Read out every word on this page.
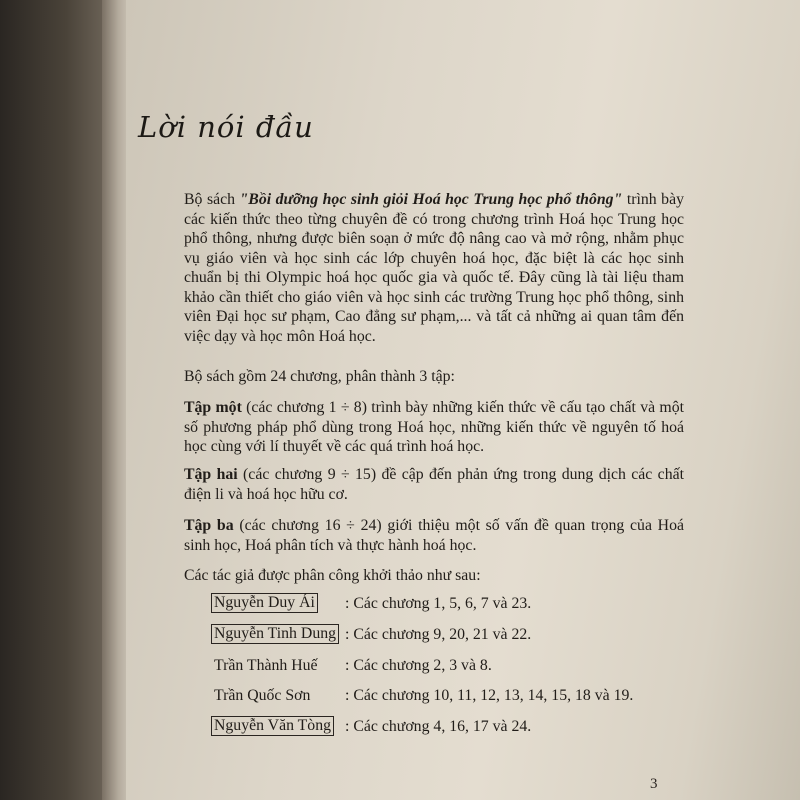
Lời nói đầu
Bộ sách "Bồi dưỡng học sinh giỏi Hoá học Trung học phổ thông" trình bày các kiến thức theo từng chuyên đề có trong chương trình Hoá học Trung học phổ thông, nhưng được biên soạn ở mức độ nâng cao và mở rộng, nhằm phục vụ giáo viên và học sinh các lớp chuyên hoá học, đặc biệt là các học sinh chuẩn bị thi Olympic hoá học quốc gia và quốc tế. Đây cũng là tài liệu tham khảo cần thiết cho giáo viên và học sinh các trường Trung học phổ thông, sinh viên Đại học sư phạm, Cao đẳng sư phạm,... và tất cả những ai quan tâm đến việc dạy và học môn Hoá học.
Bộ sách gồm 24 chương, phân thành 3 tập:
Tập một (các chương 1 ÷ 8) trình bày những kiến thức về cấu tạo chất và một số phương pháp phổ dùng trong Hoá học, những kiến thức về nguyên tố hoá học cùng với lí thuyết về các quá trình hoá học.
Tập hai (các chương 9 ÷ 15) đề cập đến phản ứng trong dung dịch các chất điện li và hoá học hữu cơ.
Tập ba (các chương 16 ÷ 24) giới thiệu một số vấn đề quan trọng của Hoá sinh học, Hoá phân tích và thực hành hoá học.
Các tác giả được phân công khởi thảo như sau:
Nguyễn Duy Ái : Các chương 1, 5, 6, 7 và 23.
Nguyễn Tinh Dung : Các chương 9, 20, 21 và 22.
Trần Thành Huế : Các chương 2, 3 và 8.
Trần Quốc Sơn : Các chương 10, 11, 12, 13, 14, 15, 18 và 19.
Nguyễn Văn Tòng : Các chương 4, 16, 17 và 24.
3
